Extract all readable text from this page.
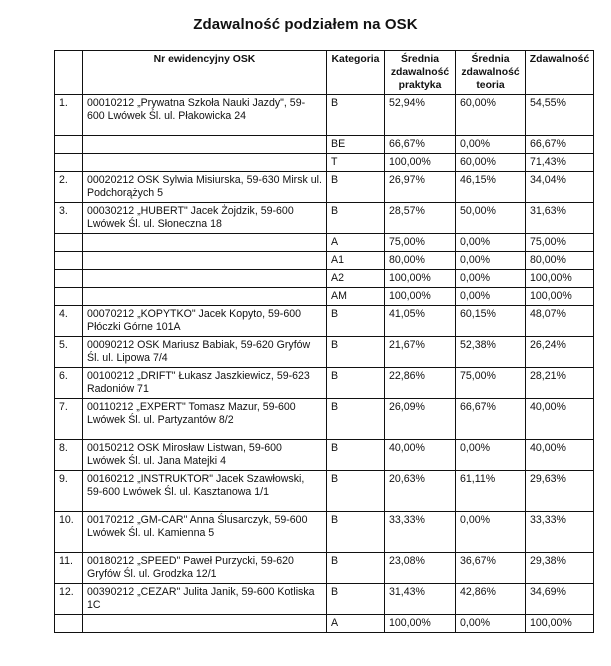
Zdawalność podziałem na OSK
	Nr ewidencyjny OSK	Kategoria	Średnia zdawalność praktyka	Średnia zdawalność teoria	Zdawalność
1.	00010212 „Prywatna Szkoła Nauki Jazdy", 59-600 Lwówek Śl. ul. Płakowicka 24	B	52,94%	60,00%	54,55%
		BE	66,67%	0,00%	66,67%
		T	100,00%	60,00%	71,43%
2.	00020212 OSK Sylwia Misiurska, 59-630 Mirsk ul. Podchorążych 5	B	26,97%	46,15%	34,04%
3.	00030212 „HUBERT" Jacek Żojdzik, 59-600 Lwówek Śl. ul. Słoneczna 18	B	28,57%	50,00%	31,63%
		A	75,00%	0,00%	75,00%
		A1	80,00%	0,00%	80,00%
		A2	100,00%	0,00%	100,00%
		AM	100,00%	0,00%	100,00%
4.	00070212 „KOPYTKO" Jacek Kopyto, 59-600 Płóczki Górne 101A	B	41,05%	60,15%	48,07%
5.	00090212 OSK Mariusz Babiak, 59-620 Gryfów Śl. ul. Lipowa 7/4	B	21,67%	52,38%	26,24%
6.	00100212 „DRIFT" Łukasz Jaszkiewicz, 59-623 Radoniów 71	B	22,86%	75,00%	28,21%
7.	00110212 „EXPERT" Tomasz Mazur, 59-600 Lwówek Śl. ul. Partyzantów 8/2	B	26,09%	66,67%	40,00%
8.	00150212 OSK Mirosław Listwan, 59-600 Lwówek Śl. ul. Jana Matejki 4	B	40,00%	0,00%	40,00%
9.	00160212 „INSTRUKTOR" Jacek Szawłowski, 59-600 Lwówek Śl. ul. Kasztanowa 1/1	B	20,63%	61,11%	29,63%
10.	00170212 „GM-CAR" Anna Ślusarczyk, 59-600 Lwówek Śl. ul. Kamienna 5	B	33,33%	0,00%	33,33%
11.	00180212 „SPEED" Paweł Purzycki, 59-620 Gryfów Śl. ul. Grodzka 12/1	B	23,08%	36,67%	29,38%
12.	00390212 „CEZAR" Julita Janik, 59-600 Kotliska 1C	B	31,43%	42,86%	34,69%
		A	100,00%	0,00%	100,00%
